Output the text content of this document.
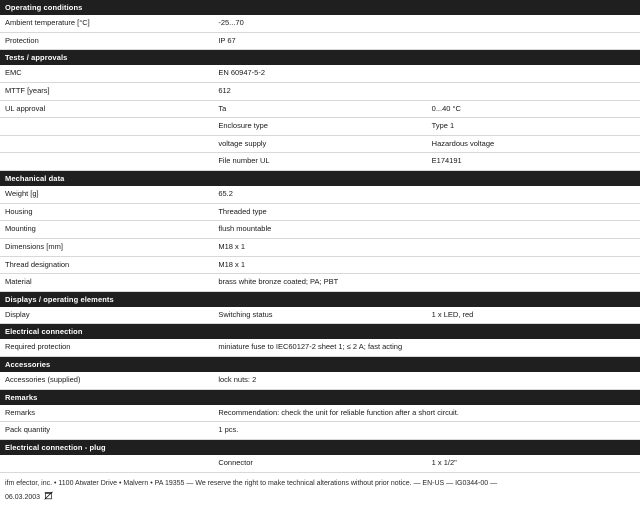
Operating conditions		
Ambient temperature [°C]	-25...70	
Protection	IP 67	
Tests / approvals		
EMC	EN 60947-5-2	
MTTF [years]	612	
UL approval	Ta	0...40 °C
	Enclosure type	Type 1
	voltage supply	Hazardous voltage
	File number UL	E174191
Mechanical data		
Weight [g]	65.2	
Housing	Threaded type	
Mounting	flush mountable	
Dimensions [mm]	M18 x 1	
Thread designation	M18 x 1	
Material	brass white bronze coated; PA; PBT	
Displays / operating elements		
Display	Switching status	1 x LED, red
Electrical connection		
Required protection	miniature fuse to IEC60127-2 sheet 1; ≤ 2 A; fast acting	
Accessories		
Accessories (supplied)	lock nuts: 2	
Remarks		
Remarks	Recommendation: check the unit for reliable function after a short circuit.	
Pack quantity	1 pcs.	
Electrical connection - plug		
	Connector	1 x 1/2"
ifm efector, inc. • 1100 Atwater Drive • Malvern • PA 19355 — We reserve the right to make technical alterations without prior notice. — EN-US — IG0344-00 —
06.03.2003
